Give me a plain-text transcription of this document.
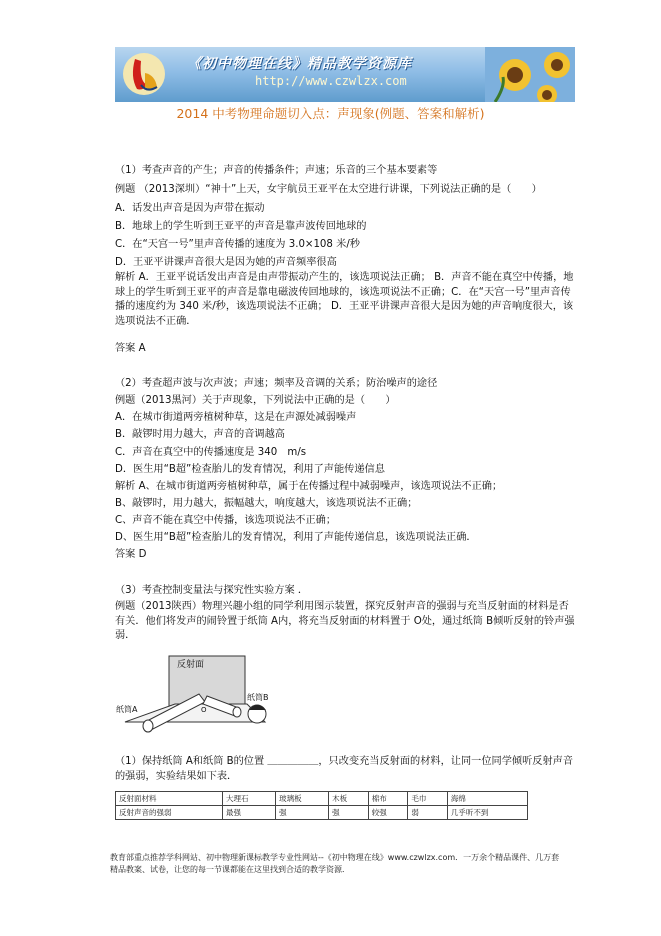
《初中物理在线》精品教学资源库
http://www.czwlzx.com
2014 中考物理命题切入点：声现象(例题、答案和解析)
（1）考查声音的产生；声音的传播条件；声速；乐音的三个基本要素等
例题 （2013深圳）“神十”上天，女宇航员王亚平在太空进行讲课，下列说法正确的是（　　）
A．话发出声音是因为声带在振动
B．地球上的学生听到王亚平的声音是靠声波传回地球的
C．在“天宫一号”里声音传播的速度为 3.0×108 米/秒
D．王亚平讲课声音很大是因为她的声音频率很高
解析 A．王亚平说话发出声音是由声带振动产生的，该选项说法正确； B．声音不能在真空中传播，地球上的学生听到王亚平的声音是靠电磁波传回地球的，该选项说法不正确；C．在“天宫一号”里声音传播的速度约为 340 米/秒，该选项说法不正确； D．王亚平讲课声音很大是因为她的声音响度很大，该选项说法不正确．
答案 A
（2）考查超声波与次声波；声速；频率及音调的关系；防治噪声的途径
例题（2013黑河）关于声现象，下列说法中正确的是（　　）
A．在城市街道两旁植树种草，这是在声源处减弱噪声
B．敲锣时用力越大，声音的音调越高
C．声音在真空中的传播速度是 340　m/s
D．医生用“B超”检查胎儿的发育情况，利用了声能传递信息
解析 A、在城市街道两旁植树种草，属于在传播过程中减弱噪声，该选项说法不正确；
B、敲锣时，用力越大，振幅越大，响度越大，该选项说法不正确；
C、声音不能在真空中传播，该选项说法不正确；
D、医生用“B超”检查胎儿的发育情况，利用了声能传递信息，该选项说法正确．
答案 D
（3）考查控制变量法与探究性实验方案 ．
例题（2013陕西）物理兴趣小组的同学利用图示装置，探究反射声音的强弱与充当反射面的材料是否有关．他们将发声的闹铃置于纸筒 A内，将充当反射面的材料置于 O处，通过纸筒 B倾听反射的铃声强弱．
反射面
纸筒A
纸筒B
O
（1）保持纸筒 A和纸筒 B的位置 ＿＿＿＿＿，只改变充当反射面的材料，让同一位同学倾听反射声音的强弱，实验结果如下表．
反射面材料	大理石	玻璃板	木板	棉布	毛巾	海绵
反射声音的强弱	最强	强	强	较强	弱	几乎听不到
教育部重点推荐学科网站、初中物理新课标教学专业性网站--《初中物理在线》www.czwlzx.com．一万余个精品课件、几万套精品教案、试卷，让您的每一节课都能在这里找到合适的教学资源．
